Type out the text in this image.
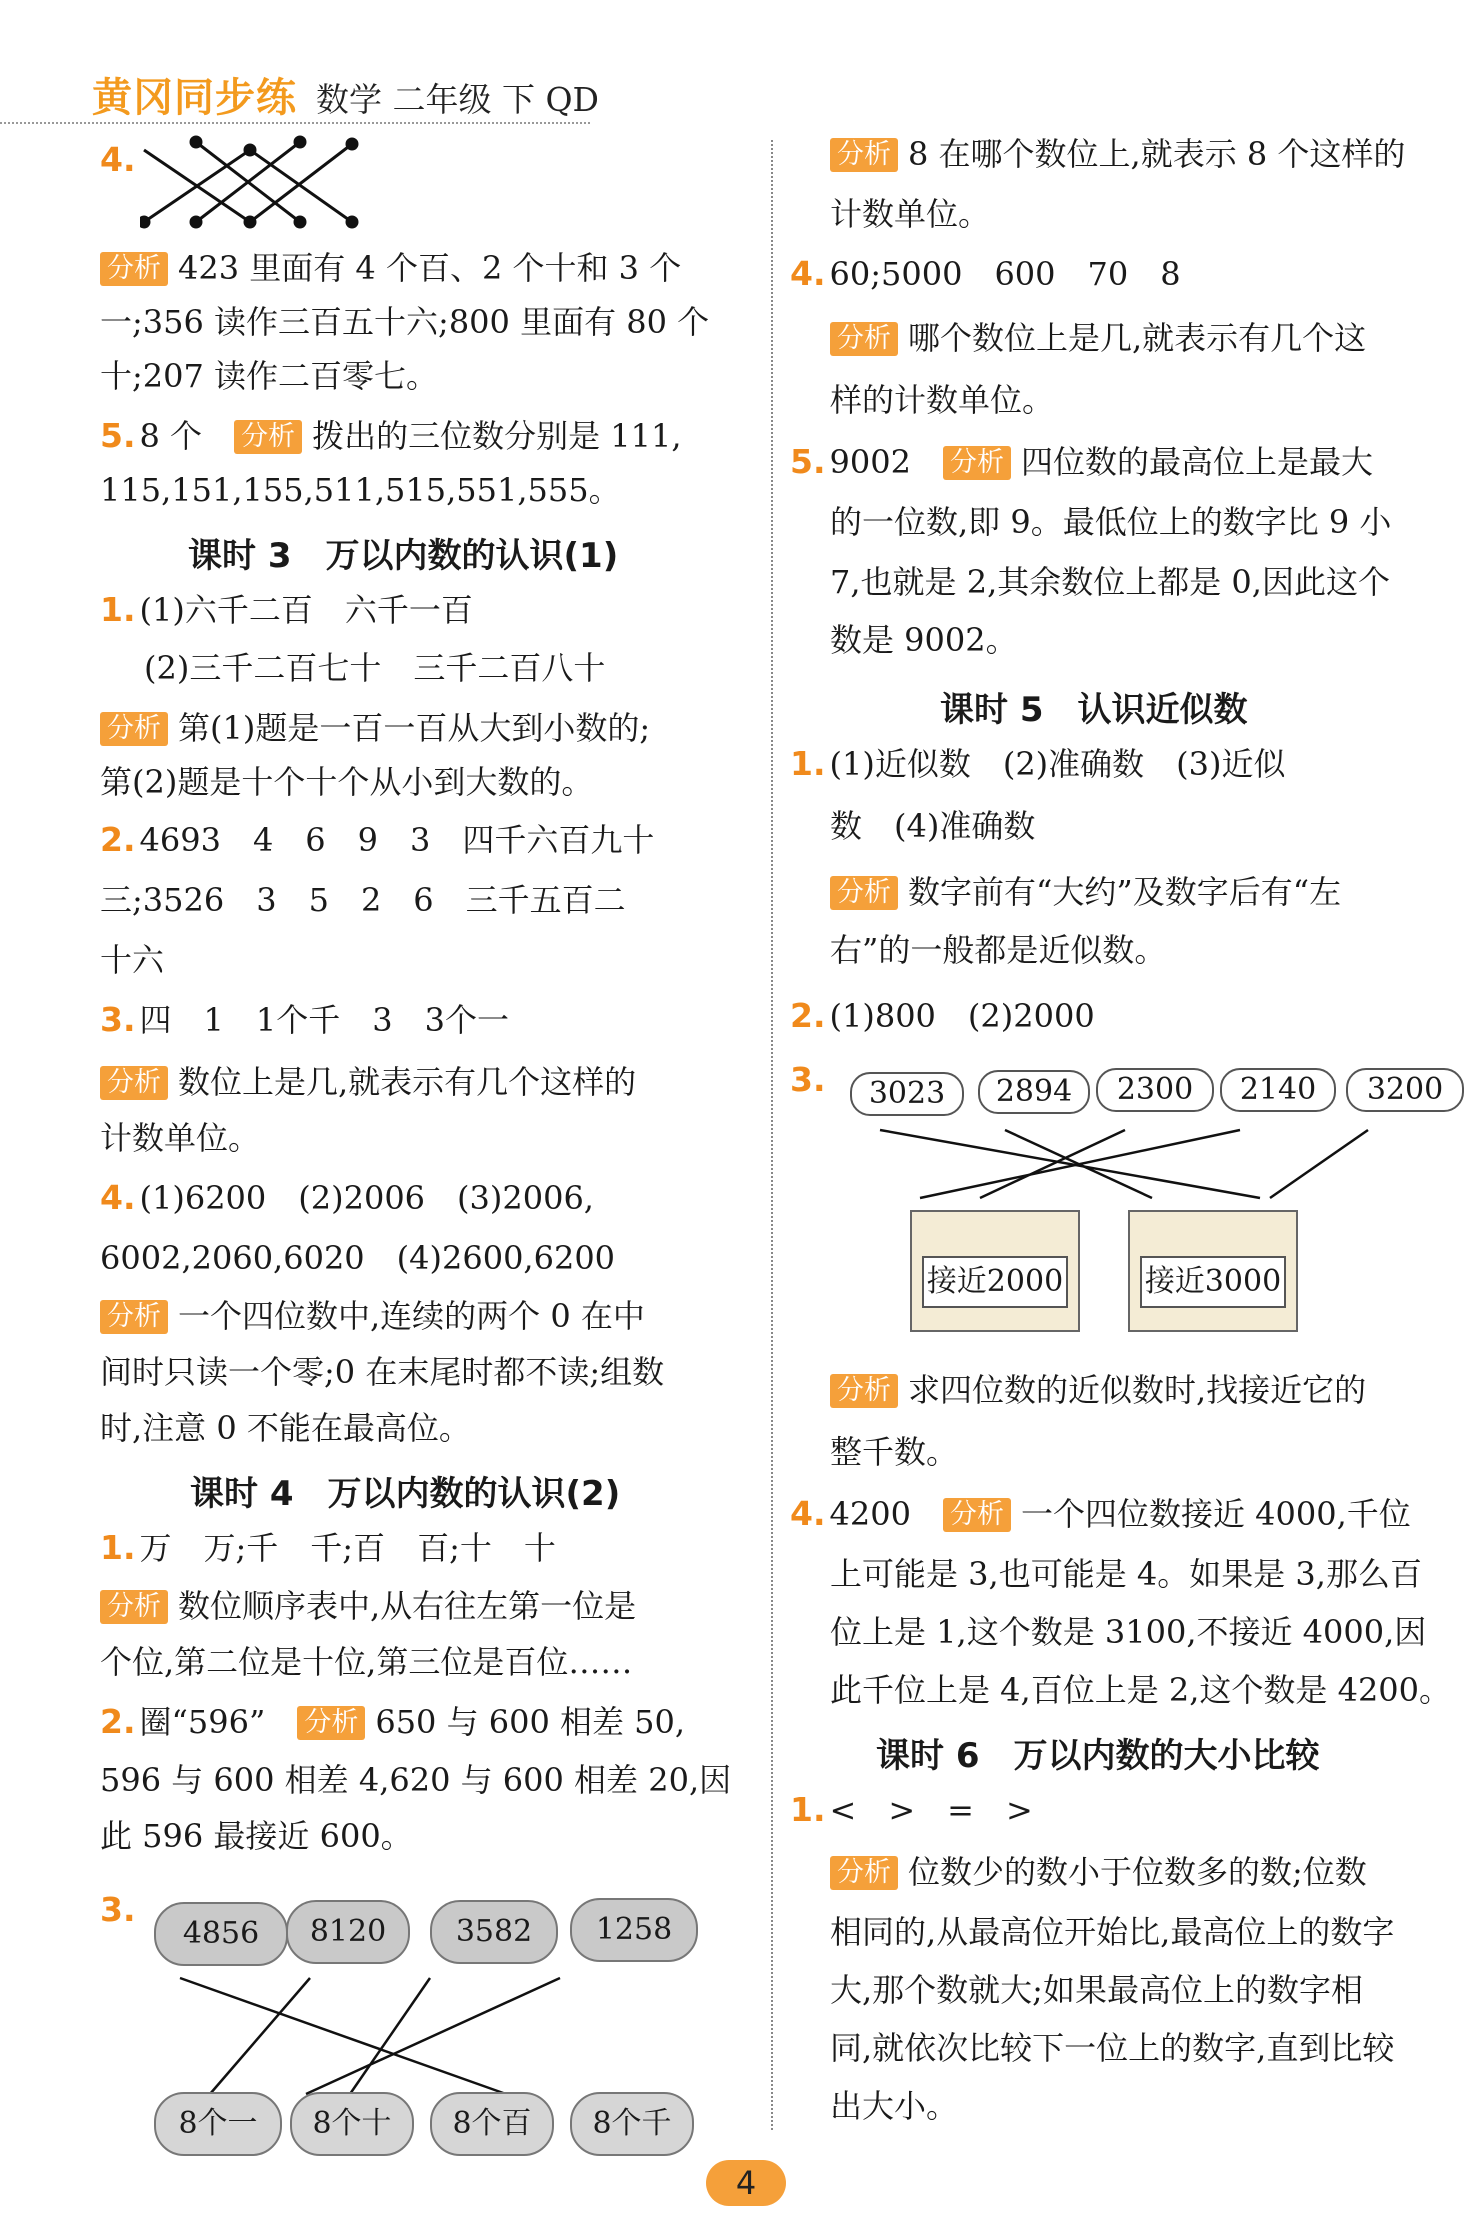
黄冈同步练 数学 二年级 下 QD
4.
分析 423 里面有 4 个百、2 个十和 3 个
一;356 读作三百五十六;800 里面有 80 个
十;207 读作二百零七。
5. 8 个　 分析 拨出的三位数分别是 111,
115,151,155,511,515,551,555。
课时 3　万以内数的认识(1)
1. (1)六千二百　六千一百
(2)三千二百七十　三千二百八十
分析 第(1)题是一百一百从大到小数的;
第(2)题是十个十个从小到大数的。
2. 4693　4　6　9　3　四千六百九十
三;3526　3　5　2　6　三千五百二
十六
3. 四　1　1个千　3　3个一
分析 数位上是几,就表示有几个这样的
计数单位。
4. (1)6200　(2)2006　(3)2006,
6002,2060,6020　(4)2600,6200
分析 一个四位数中,连续的两个 0 在中
间时只读一个零;0 在末尾时都不读;组数
时,注意 0 不能在最高位。
课时 4　万以内数的认识(2)
1. 万　万;千　千;百　百;十　十
分析 数位顺序表中,从右往左第一位是
个位,第二位是十位,第三位是百位……
2. 圈“596”　 分析 650 与 600 相差 50,
596 与 600 相差 4,620 与 600 相差 20,因
此 596 最接近 600。
3.
4856	8120	3582	1258
8个一	8个十	8个百	8个千
分析 8 在哪个数位上,就表示 8 个这样的
计数单位。
4. 60;5000　600　70　8
分析 哪个数位上是几,就表示有几个这
样的计数单位。
5. 9002　 分析 四位数的最高位上是最大
的一位数,即 9。最低位上的数字比 9 小
7,也就是 2,其余数位上都是 0,因此这个
数是 9002。
课时 5　认识近似数
1. (1)近似数　(2)准确数　(3)近似
数　(4)准确数
分析 数字前有“大约”及数字后有“左
右”的一般都是近似数。
2. (1)800　(2)2000
3.	3023	2894	2300	2140	3200
接近2000	接近3000
分析 求四位数的近似数时,找接近它的
整千数。
4. 4200　 分析 一个四位数接近 4000,千位
上可能是 3,也可能是 4。如果是 3,那么百
位上是 1,这个数是 3100,不接近 4000,因
此千位上是 4,百位上是 2,这个数是 4200。
课时 6　万以内数的大小比较
1. <　>　=　>
分析 位数少的数小于位数多的数;位数
相同的,从最高位开始比,最高位上的数字
大,那个数就大;如果最高位上的数字相
同,就依次比较下一位上的数字,直到比较
出大小。
4
